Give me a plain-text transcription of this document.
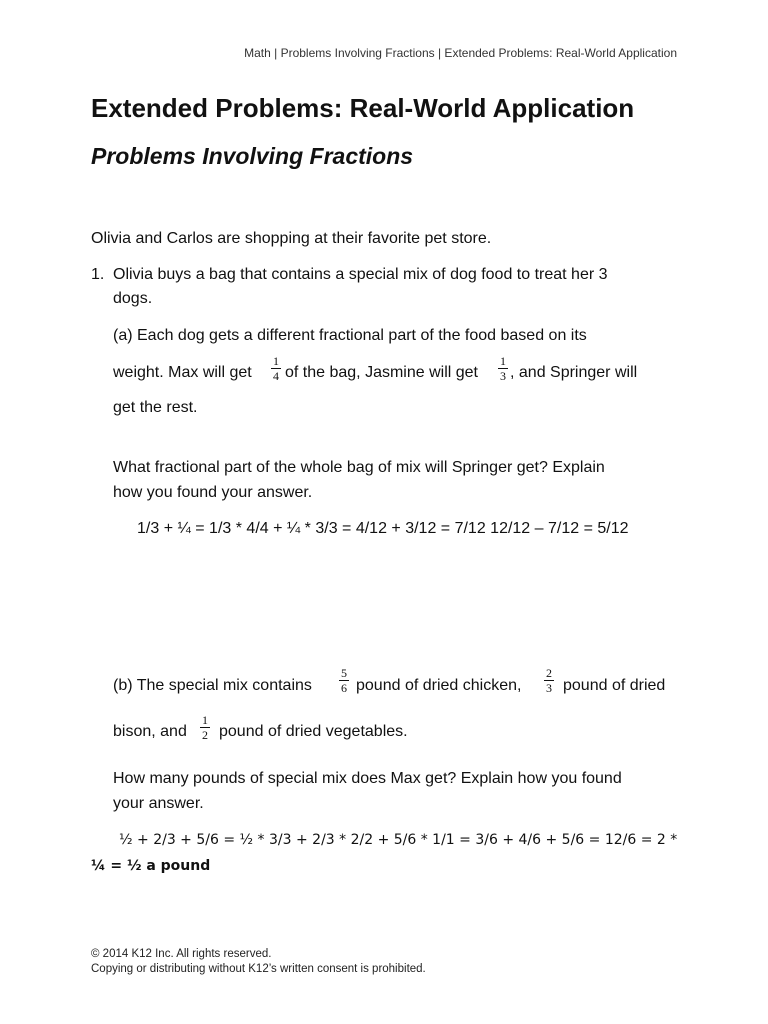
Math | Problems Involving Fractions | Extended Problems: Real-World Application
Extended Problems: Real-World Application
Problems Involving Fractions
Olivia and Carlos are shopping at their favorite pet store.
1. Olivia buys a bag that contains a special mix of dog food to treat her 3
dogs.
(a) Each dog gets a different fractional part of the food based on its
weight. Max will get
1
4 of the bag, Jasmine will get
1
3 , and Springer will
get the rest.
What fractional part of the whole bag of mix will Springer get? Explain
how you found your answer.
1/3 + ¼ = 1/3 * 4/4 + ¼ * 3/3 = 4/12 + 3/12 = 7/12 12/12 – 7/12 = 5/12
(b) The special mix contains
5
6 pound of dried chicken,
2
3 pound of dried
bison, and
1
2 pound of dried vegetables.
How many pounds of special mix does Max get? Explain how you found
your answer.
½ + 2/3 + 5/6 = ½ * 3/3 + 2/3 * 2/2 + 5/6 * 1/1 = 3/6 + 4/6 + 5/6 = 12/6 = 2 *
¼ = ½ a pound
© 2014 K12 Inc. All rights reserved.
Copying or distributing without K12’s written consent is prohibited.
